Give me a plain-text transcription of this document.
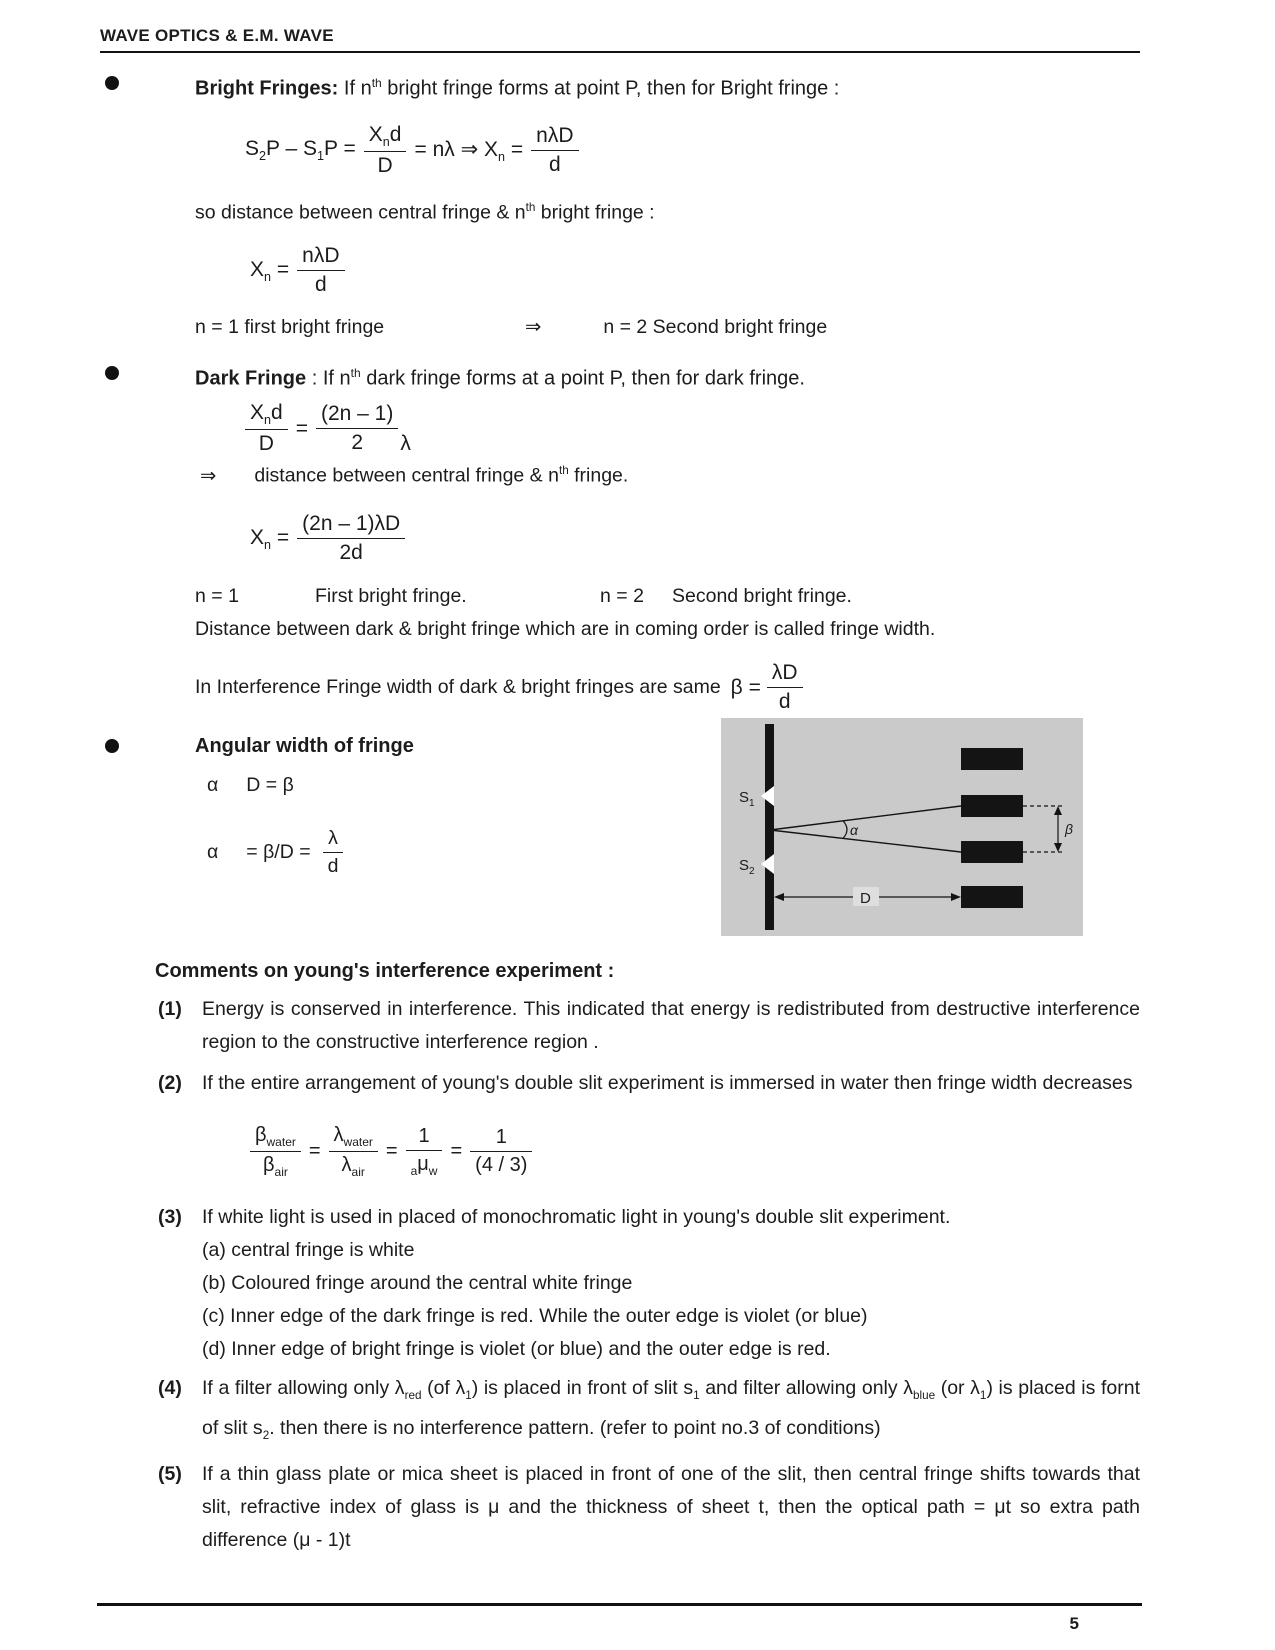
WAVE OPTICS & E.M. WAVE
Bright Fringes: If $n^{th}$ bright fringe forms at point P, then for Bright fringe :
$S_2P - S_1P = \frac{X_nd}{D} = n\lambda$ ⇒ $X_n = \frac{\text{nλD}}{d}$
so distance between central fringe & $n^{th}$ bright fringe :
$X_n = \frac{\text{nλD}}{d}$
n = 1 first bright fringe	⇒	n = 2 Second bright fringe
Dark Fringe : If $n^{th}$ dark fringe forms at a point P, then for dark fringe.
$\frac{X_nd}{D} = \frac{(2n - 1)}{2}$ λ
⇒ distance between central fringe & $n^{th}$ fringe.
$X_n = \frac{(2n - 1)\lambda D}{2d}$
n = 1	First bright fringe.	n = 2	Second bright fringe.
Distance between dark & bright fringe which are in coming order is called fringe width.
In Interference Fringe width of dark & bright fringes are same $\beta = \frac{\lambda D}{d}$
Angular width of fringe
α D = β
$\alpha = \beta/D = \frac{\lambda}{d}$
$S_1$
$S_2$
α	β
D
Comments on young's interference experiment :
(1)	Energy is conserved in interference. This indicated that energy is redistributed from destructive interference region to the constructive interference region .
(2)	If the entire arrangement of young's double slit experiment is immersed in water then fringe width decreases
$\frac{\beta_{water}}{\beta_{air}} = \frac{\lambda_{water}}{\lambda_{air}} = \frac{1}{_a\mu_w} = \frac{1}{(4 / 3)}$
(3)	If white light is used in placed of monochromatic light in young's double slit experiment.
(a) central fringe is white
(b) Coloured fringe around the central white fringe
(c) Inner edge of the dark fringe is red. While the outer edge is violet (or blue)
(d) Inner edge of bright fringe is violet (or blue) and the outer edge is red.
(4)	If a filter allowing only $\lambda_{red}$ (of $\lambda_1$) is placed in front of slit $s_1$ and filter allowing only $\lambda_{blue}$ (or $\lambda_1$) is placed is fornt of slit $s_2$. then there is no interference pattern. (refer to point no.3 of conditions)
(5)	If a thin glass plate or mica sheet is placed in front of one of the slit, then central fringe shifts towards that slit, refractive index of glass is μ and the thickness of sheet t, then the optical path = μt so extra path difference (μ - 1)t
5
